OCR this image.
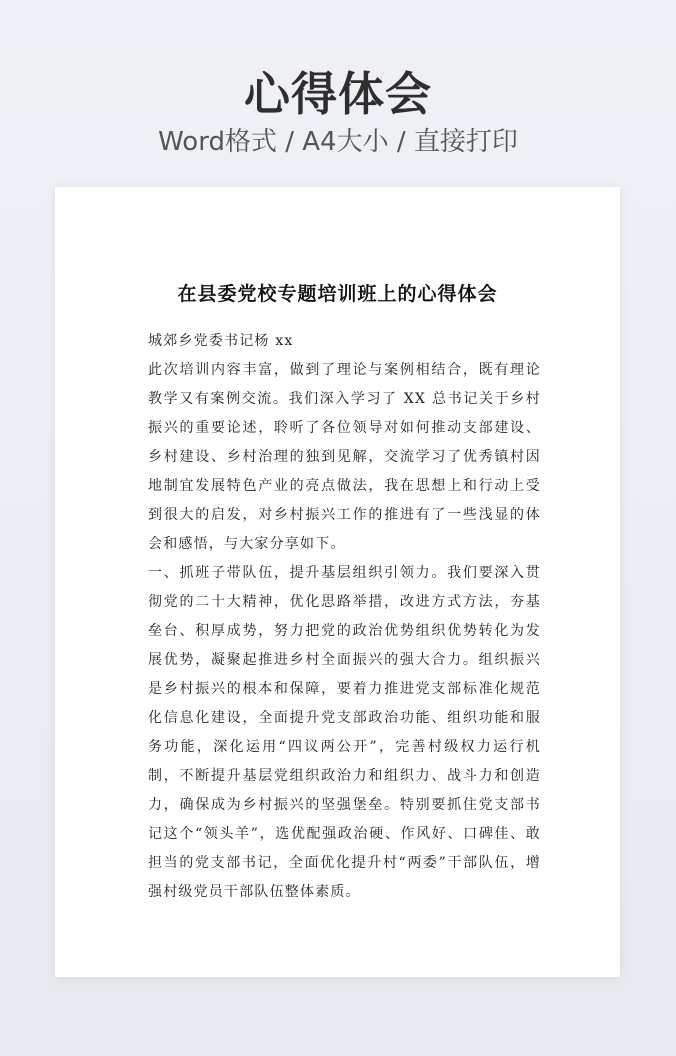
心得体会
Word格式 / A4大小 / 直接打印
在县委党校专题培训班上的心得体会

城郊乡党委书记杨 xx

此次培训内容丰富，做到了理论与案例相结合，既有理论教学又有案例交流。我们深入学习了 XX 总书记关于乡村振兴的重要论述，聆听了各位领导对如何推动支部建设、乡村建设、乡村治理的独到见解，交流学习了优秀镇村因地制宜发展特色产业的亮点做法，我在思想上和行动上受到很大的启发，对乡村振兴工作的推进有了一些浅显的体会和感悟，与大家分享如下。

一、抓班子带队伍，提升基层组织引领力。我们要深入贯彻党的二十大精神，优化思路举措，改进方式方法，夯基垒台、积厚成势，努力把党的政治优势组织优势转化为发展优势，凝聚起推进乡村全面振兴的强大合力。组织振兴是乡村振兴的根本和保障，要着力推进党支部标准化规范化信息化建设，全面提升党支部政治功能、组织功能和服务功能，深化运用“四议两公开”，完善村级权力运行机制，不断提升基层党组织政治力和组织力、战斗力和创造力，确保成为乡村振兴的坚强堡垒。特别要抓住党支部书记这个“领头羊”，选优配强政治硬、作风好、口碑佳、敢担当的党支部书记，全面优化提升村“两委”干部队伍，增强村级党员干部队伍整体素质。
